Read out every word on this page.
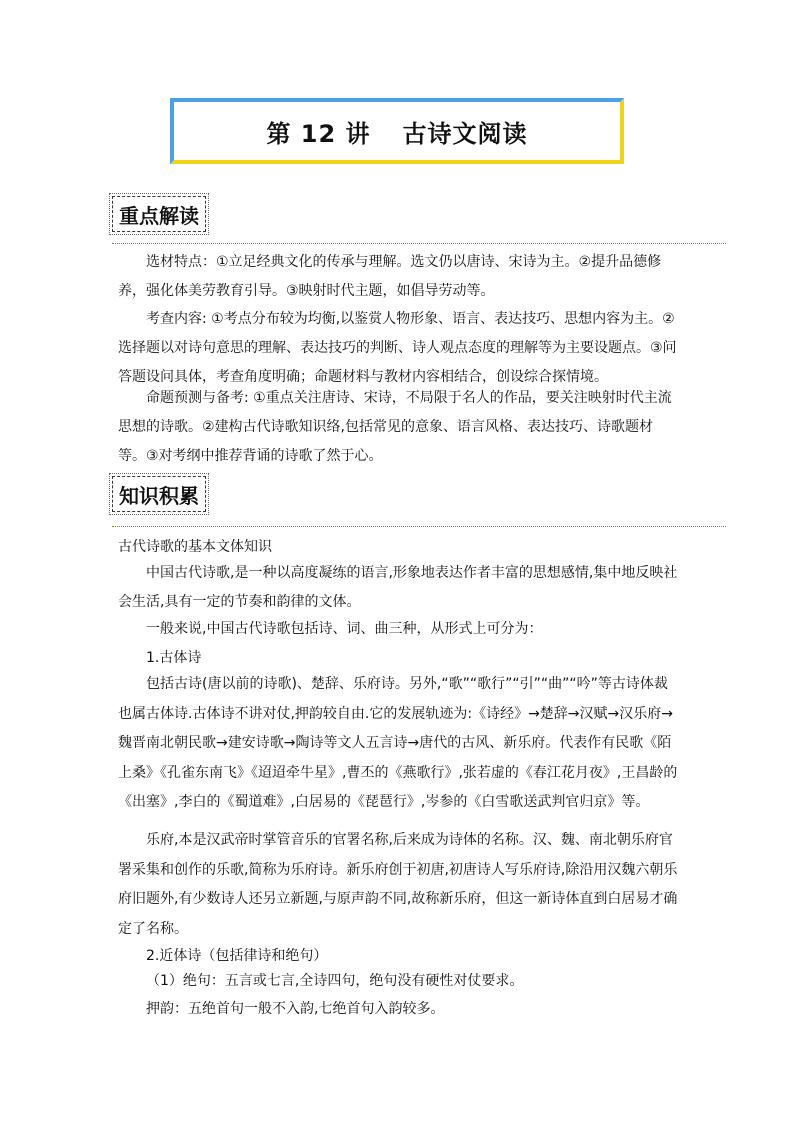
第 12 讲 古诗文阅读
重点解读
选材特点：①立足经典文化的传承与理解。选文仍以唐诗、宋诗为主。②提升品德修养，强化体美劳教育引导。③映射时代主题，如倡导劳动等。
考查内容: ①考点分布较为均衡,以鉴赏人物形象、语言、表达技巧、思想内容为主。②选择题以对诗句意思的理解、表达技巧的判断、诗人观点态度的理解等为主要设题点。③问答题设问具体，考查角度明确；命题材料与教材内容相结合，创设综合探情境。
命题预测与备考: ①重点关注唐诗、宋诗，不局限于名人的作品，要关注映射时代主流思想的诗歌。②建构古代诗歌知识络,包括常见的意象、语言风格、表达技巧、诗歌题材等。③对考纲中推荐背诵的诗歌了然于心。
知识积累
古代诗歌的基本文体知识
中国古代诗歌,是一种以高度凝练的语言,形象地表达作者丰富的思想感情,集中地反映社会生活,具有一定的节奏和韵律的文体。
一般来说,中国古代诗歌包括诗、词、曲三种，从形式上可分为：
1.古体诗
包括古诗(唐以前的诗歌)、楚辞、乐府诗。另外,“歌”“歌行”“引”“曲”“吟”等古诗体裁也属古体诗.古体诗不讲对仗,押韵较自由.它的发展轨迹为:《诗经》→楚辞→汉赋→汉乐府→魏晋南北朝民歌→建安诗歌→陶诗等文人五言诗→唐代的古风、新乐府。代表作有民歌《陌上桑》《孔雀东南飞》《迢迢牵牛星》,曹丕的《燕歌行》,张若虚的《春江花月夜》,王昌龄的《出塞》,李白的《蜀道难》,白居易的《琵琶行》,岑参的《白雪歌送武判官归京》等。
乐府,本是汉武帝时掌管音乐的官署名称,后来成为诗体的名称。汉、魏、南北朝乐府官署采集和创作的乐歌,简称为乐府诗。新乐府创于初唐,初唐诗人写乐府诗,除沿用汉魏六朝乐府旧题外,有少数诗人还另立新题,与原声韵不同,故称新乐府，但这一新诗体直到白居易才确定了名称。
2.近体诗（包括律诗和绝句）
（1）绝句：五言或七言,全诗四句，绝句没有硬性对仗要求。
押韵：五绝首句一般不入韵,七绝首句入韵较多。
